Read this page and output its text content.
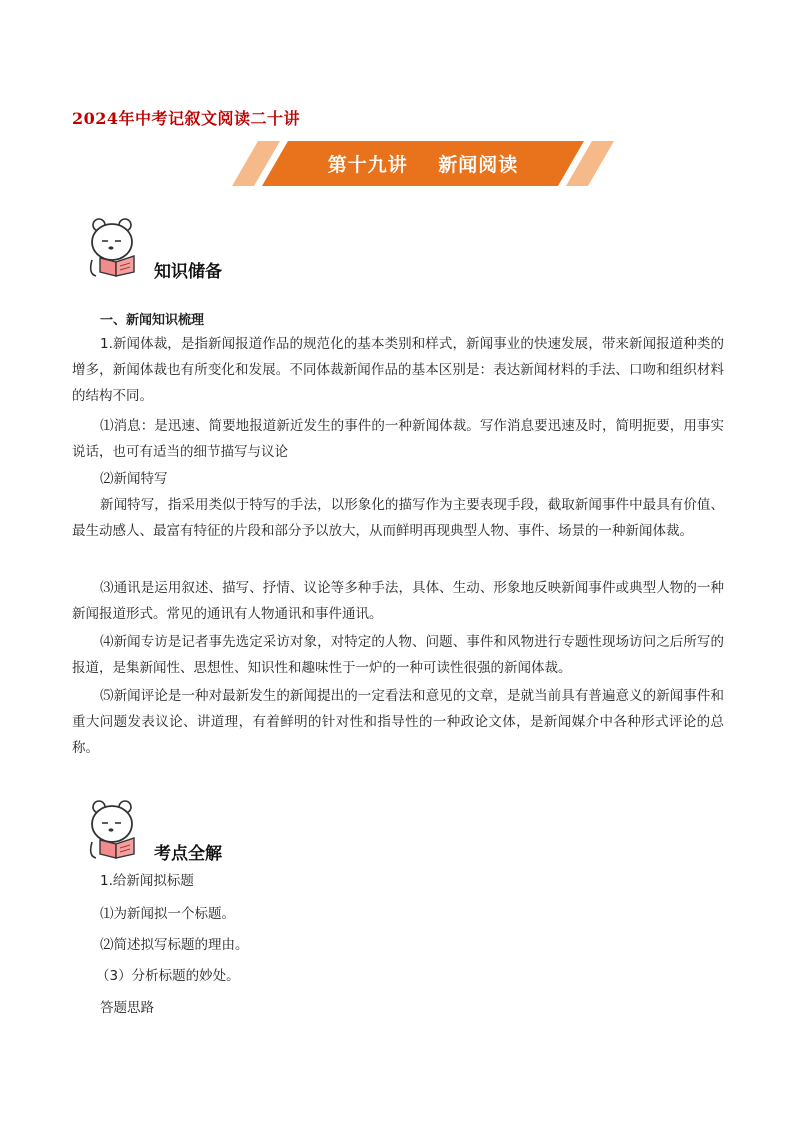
2024年中考记叙文阅读二十讲
第十九讲    新闻阅读
知识储备
一、新闻知识梳理
1.新闻体裁，是指新闻报道作品的规范化的基本类别和样式，新闻事业的快速发展，带来新闻报道种类的增多，新闻体裁也有所变化和发展。不同体裁新闻作品的基本区别是：表达新闻材料的手法、口吻和组织材料的结构不同。
⑴消息：是迅速、简要地报道新近发生的事件的一种新闻体裁。写作消息要迅速及时，简明扼要，用事实说话，也可有适当的细节描写与议论
⑵新闻特写
新闻特写，指采用类似于特写的手法，以形象化的描写作为主要表现手段，截取新闻事件中最具有价值、最生动感人、最富有特征的片段和部分予以放大，从而鲜明再现典型人物、事件、场景的一种新闻体裁。
⑶通讯是运用叙述、描写、抒情、议论等多种手法，具体、生动、形象地反映新闻事件或典型人物的一种新闻报道形式。常见的通讯有人物通讯和事件通讯。
⑷新闻专访是记者事先选定采访对象，对特定的人物、问题、事件和风物进行专题性现场访问之后所写的报道，是集新闻性、思想性、知识性和趣味性于一炉的一种可读性很强的新闻体裁。
⑸新闻评论是一种对最新发生的新闻提出的一定看法和意见的文章，是就当前具有普遍意义的新闻事件和重大问题发表议论、讲道理，有着鲜明的针对性和指导性的一种政论文体，是新闻媒介中各种形式评论的总称。
考点全解
1.给新闻拟标题
⑴为新闻拟一个标题。
⑵简述拟写标题的理由。
（3）分析标题的妙处。
答题思路
